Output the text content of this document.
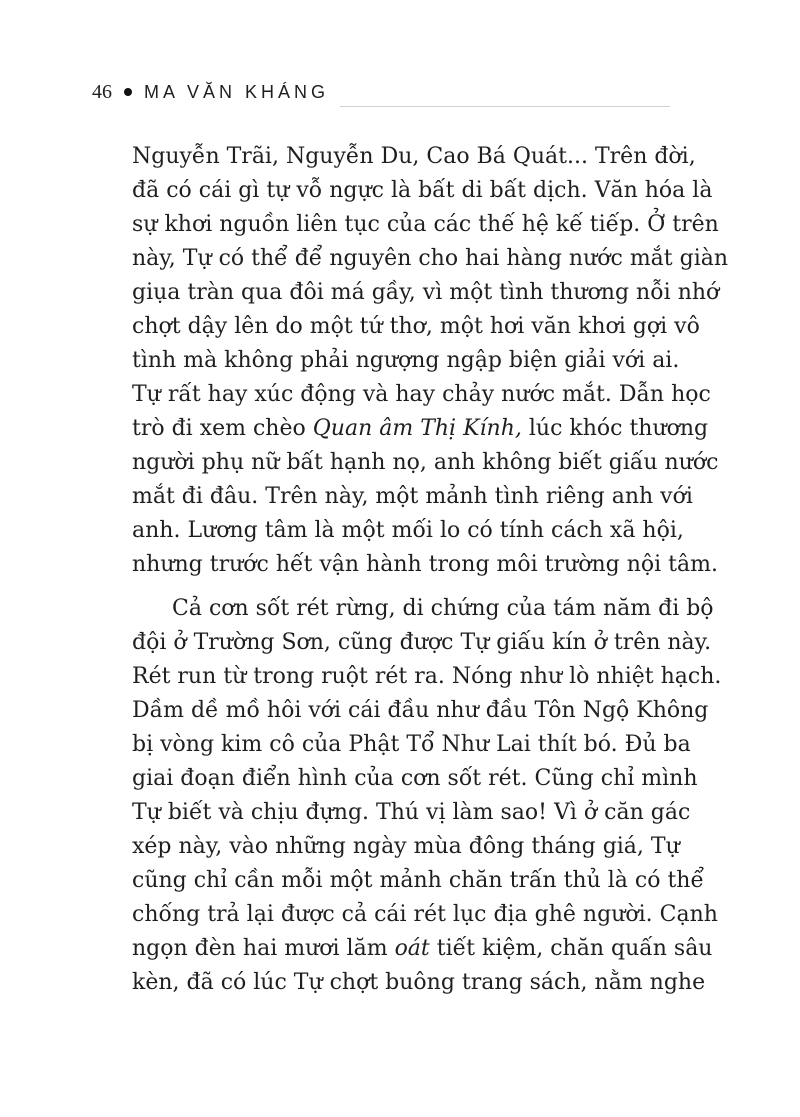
46 MA VĂN KHÁNG
Nguyễn Trãi, Nguyễn Du, Cao Bá Quát... Trên đời,
đã có cái gì tự vỗ ngực là bất di bất dịch. Văn hóa là
sự khơi nguồn liên tục của các thế hệ kế tiếp. Ở trên
này, Tự có thể để nguyên cho hai hàng nước mắt giàn
giụa tràn qua đôi má gầy, vì một tình thương nỗi nhớ
chợt dậy lên do một tứ thơ, một hơi văn khơi gợi vô
tình mà không phải ngượng ngập biện giải với ai.
Tự rất hay xúc động và hay chảy nước mắt. Dẫn học
trò đi xem chèo Quan âm Thị Kính, lúc khóc thương
người phụ nữ bất hạnh nọ, anh không biết giấu nước
mắt đi đâu. Trên này, một mảnh tình riêng anh với
anh. Lương tâm là một mối lo có tính cách xã hội,
nhưng trước hết vận hành trong môi trường nội tâm.
Cả cơn sốt rét rừng, di chứng của tám năm đi bộ
đội ở Trường Sơn, cũng được Tự giấu kín ở trên này.
Rét run từ trong ruột rét ra. Nóng như lò nhiệt hạch.
Dầm dề mồ hôi với cái đầu như đầu Tôn Ngộ Không
bị vòng kim cô của Phật Tổ Như Lai thít bó. Đủ ba
giai đoạn điển hình của cơn sốt rét. Cũng chỉ mình
Tự biết và chịu đựng. Thú vị làm sao! Vì ở căn gác
xép này, vào những ngày mùa đông tháng giá, Tự
cũng chỉ cần mỗi một mảnh chăn trấn thủ là có thể
chống trả lại được cả cái rét lục địa ghê người. Cạnh
ngọn đèn hai mươi lăm oát tiết kiệm, chăn quấn sâu
kèn, đã có lúc Tự chợt buông trang sách, nằm nghe
